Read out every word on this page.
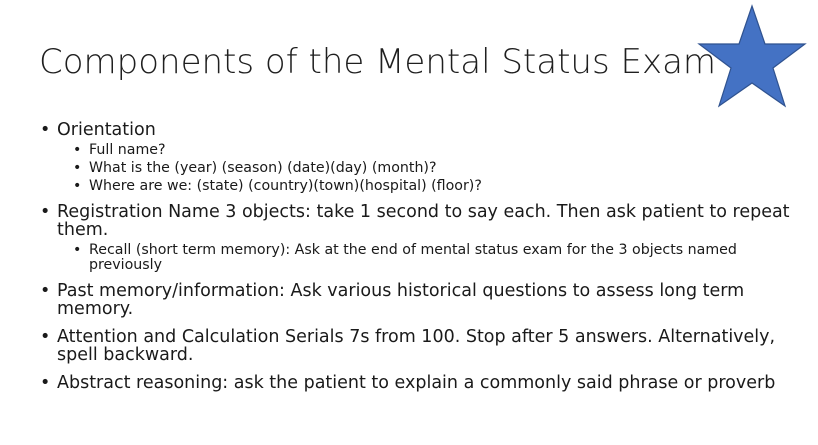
Components of the Mental Status Exam
• Orientation
• Full name?
• What is the (year) (season) (date)(day) (month)?
• Where are we: (state) (country)(town)(hospital) (floor)?
• Registration Name 3 objects: take 1 second to say each. Then ask patient to repeat them.
• Recall (short term memory): Ask at the end of mental status exam for the 3 objects named previously
• Past memory/information: Ask various historical questions to assess long term memory.
• Attention and Calculation Serials 7s from 100. Stop after 5 answers. Alternatively, spell backward.
• Abstract reasoning: ask the patient to explain a commonly said phrase or proverb
